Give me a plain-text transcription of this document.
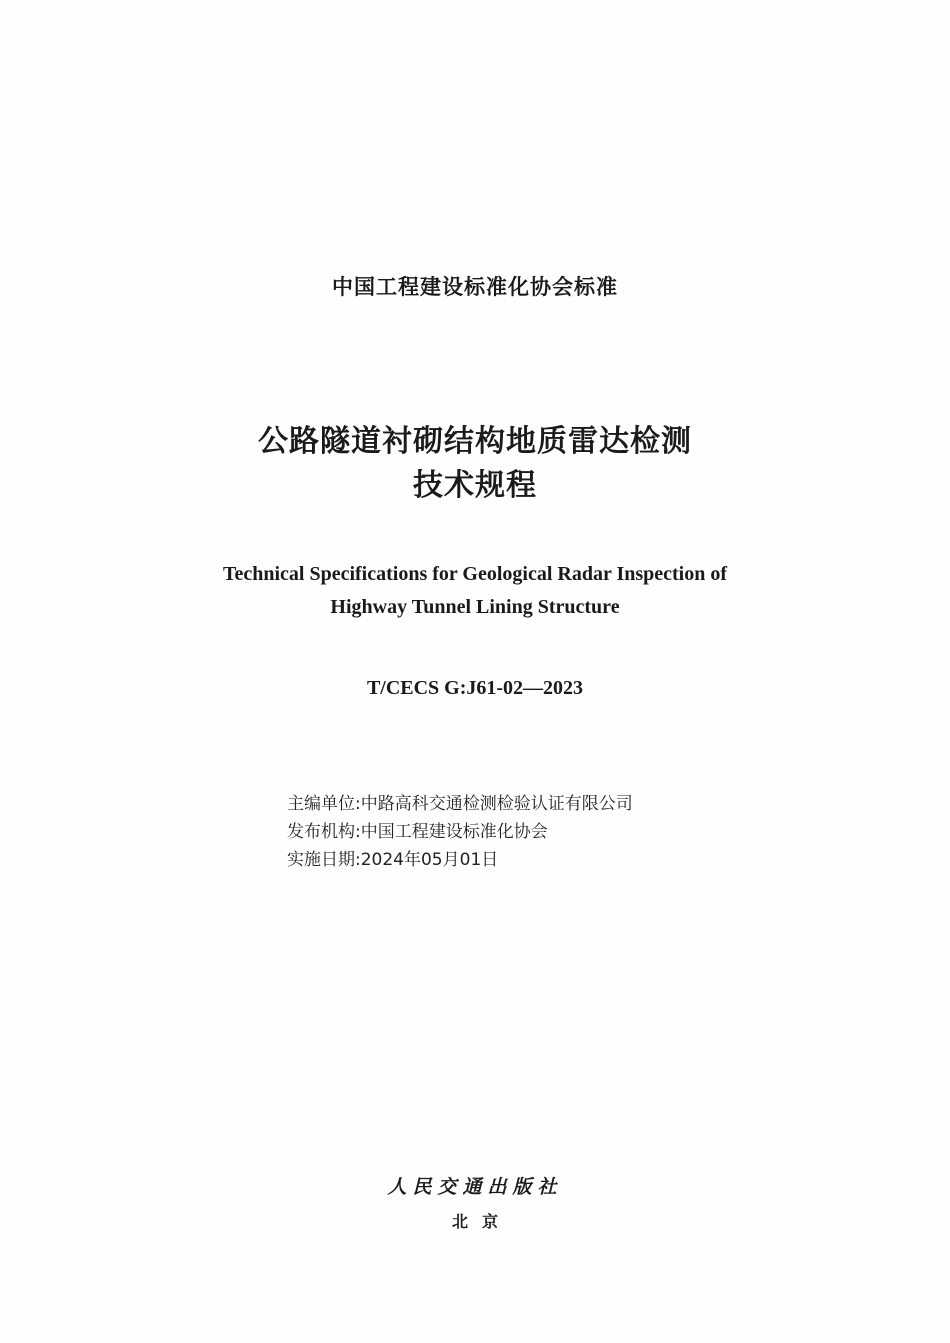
中国工程建设标准化协会标准
公路隧道衬砌结构地质雷达检测
技术规程
Technical Specifications for Geological Radar Inspection of
Highway Tunnel Lining Structure
T/CECS G:J61-02—2023
主编单位:中路高科交通检测检验认证有限公司
发布机构:中国工程建设标准化协会
实施日期:2024年05月01日
人民交通出版社
北京
